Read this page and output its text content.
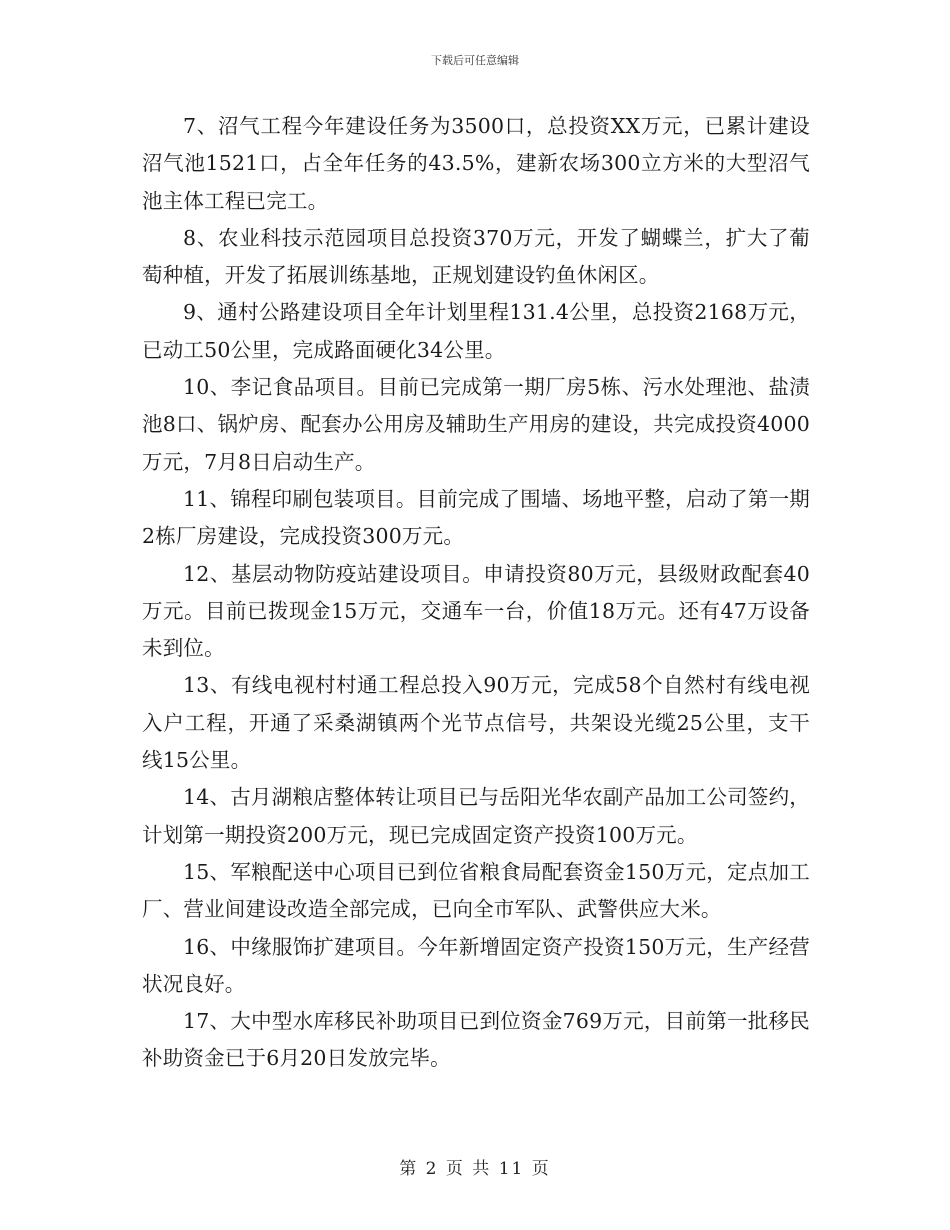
下载后可任意编辑

7、沼气工程今年建设任务为3500口，总投资XX万元，已累计建设沼气池1521口，占全年任务的43.5%，建新农场300立方米的大型沼气池主体工程已完工。

8、农业科技示范园项目总投资370万元，开发了蝴蝶兰，扩大了葡萄种植，开发了拓展训练基地，正规划建设钓鱼休闲区。

9、通村公路建设项目全年计划里程131.4公里，总投资2168万元，已动工50公里，完成路面硬化34公里。

10、李记食品项目。目前已完成第一期厂房5栋、污水处理池、盐渍池8口、锅炉房、配套办公用房及辅助生产用房的建设，共完成投资4000万元，7月8日启动生产。

11、锦程印刷包装项目。目前完成了围墙、场地平整，启动了第一期2栋厂房建设，完成投资300万元。

12、基层动物防疫站建设项目。申请投资80万元，县级财政配套40万元。目前已拨现金15万元，交通车一台，价值18万元。还有47万设备未到位。

13、有线电视村村通工程总投入90万元，完成58个自然村有线电视入户工程，开通了采桑湖镇两个光节点信号，共架设光缆25公里，支干线15公里。

14、古月湖粮店整体转让项目已与岳阳光华农副产品加工公司签约，计划第一期投资200万元，现已完成固定资产投资100万元。

15、军粮配送中心项目已到位省粮食局配套资金150万元，定点加工厂、营业间建设改造全部完成，已向全市军队、武警供应大米。

16、中缘服饰扩建项目。今年新增固定资产投资150万元，生产经营状况良好。

17、大中型水库移民补助项目已到位资金769万元，目前第一批移民补助资金已于6月20日发放完毕。

第 2 页 共 11 页
